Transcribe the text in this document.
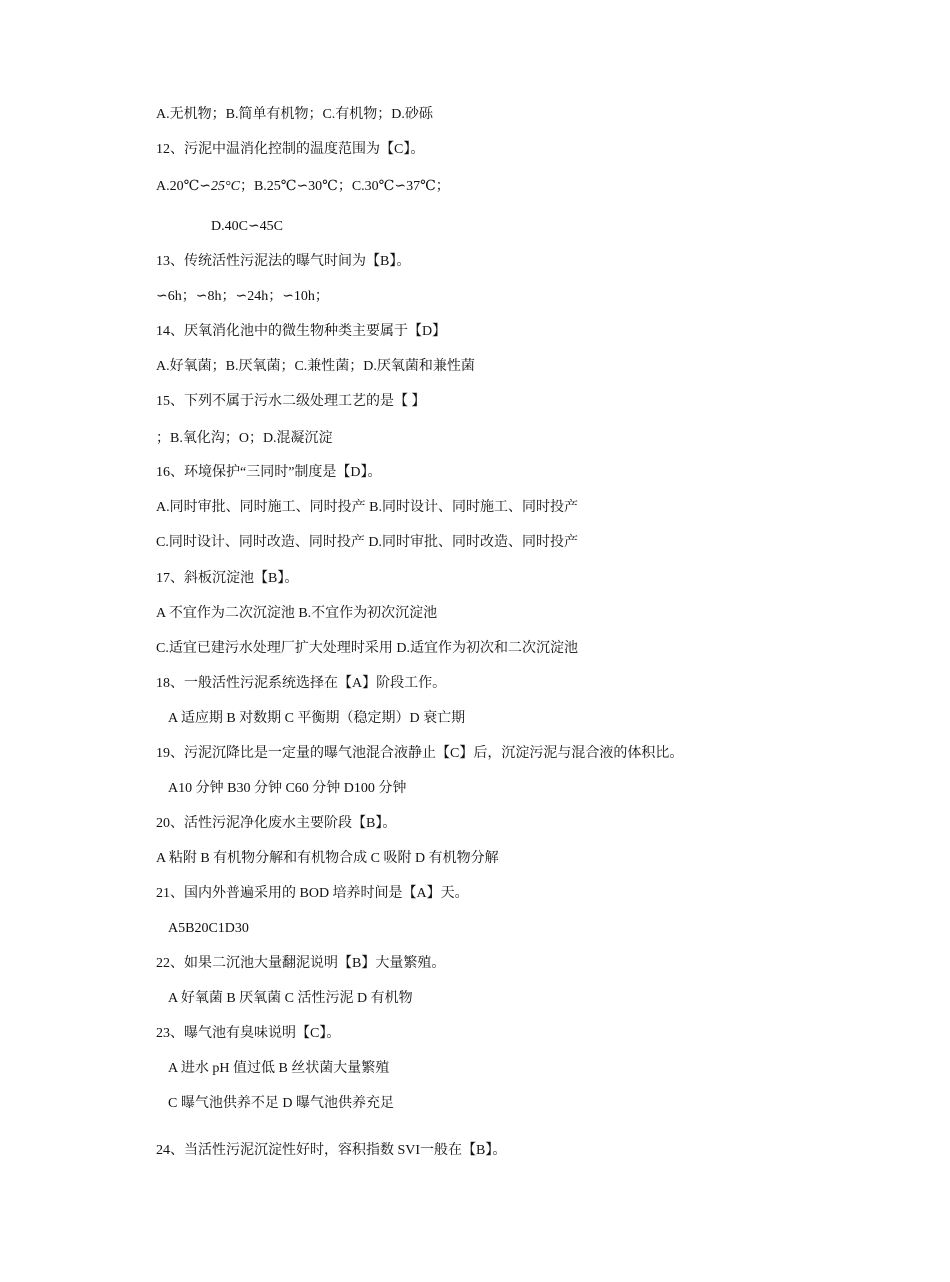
A.无机物；B.简单有机物；C.有机物；D.砂砾
12、污泥中温消化控制的温度范围为【C】。
A.20℃∽25°C；B.25℃∽30℃；C.30℃∽37℃；
D.40C∽45C
13、传统活性污泥法的曝气时间为【B】。
∽6h；∽8h；∽24h；∽10h；
14、厌氧消化池中的微生物种类主要属于【D】
A.好氧菌；B.厌氧菌；C.兼性菌；D.厌氧菌和兼性菌
15、下列不属于污水二级处理工艺的是【 】
；B.氧化沟；O；D.混凝沉淀
16、环境保护“三同时”制度是【D】。
A.同时审批、同时施工、同时投产 B.同时设计、同时施工、同时投产
C.同时设计、同时改造、同时投产 D.同时审批、同时改造、同时投产
17、斜板沉淀池【B】。
A 不宜作为二次沉淀池 B.不宜作为初次沉淀池
C.适宜已建污水处理厂扩大处理时采用 D.适宜作为初次和二次沉淀池
18、一般活性污泥系统选择在【A】阶段工作。
A 适应期 B 对数期 C 平衡期（稳定期）D 衰亡期
19、污泥沉降比是一定量的曝气池混合液静止【C】后，沉淀污泥与混合液的体积比。
A10 分钟 B30 分钟 C60 分钟 D100 分钟
20、活性污泥净化废水主要阶段【B】。
A 粘附 B 有机物分解和有机物合成 C 吸附 D 有机物分解
21、国内外普遍采用的 BOD 培养时间是【A】天。
A5B20C1D30
22、如果二沉池大量翻泥说明【B】大量繁殖。
A 好氧菌 B 厌氧菌 C 活性污泥 D 有机物
23、曝气池有臭味说明【C】。
A 进水 pH 值过低 B 丝状菌大量繁殖
C 曝气池供养不足 D 曝气池供养充足
24、当活性污泥沉淀性好时，容积指数 SVI一般在【B】。
